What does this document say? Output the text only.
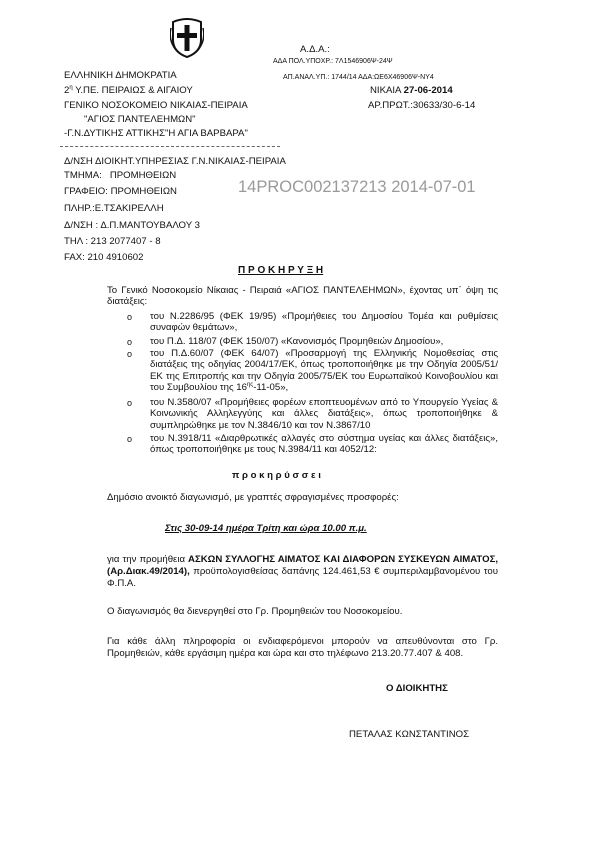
Α.Δ.Α.:
ΑΔΑ ΠΟΛ.ΥΠΟΧΡ.: 7Λ1546906Ψ-24Ψ
ΕΛΛΗΝΙΚΗ ΔΗΜΟΚΡΑΤΙΑ	ΑΠ.ΑΝΑΛ.ΥΠ.: 1744/14 ΑΔΑ:ΩΕ6Χ46906Ψ-ΝΥ4
$2^\eta$ Υ.ΠΕ. ΠΕΙΡΑΙΩΣ & ΑΙΓΑΙΟΥ	ΝΙΚΑΙΑ 27-06-2014
ΓΕΝΙΚΟ ΝΟΣΟΚΟΜΕΙΟ ΝΙΚΑΙΑΣ-ΠΕΙΡΑΙΑ	ΑΡ.ΠΡΩΤ.:30633/30-6-14
"ΑΓΙΟΣ ΠΑΝΤΕΛΕΗΜΩΝ"
-Γ.Ν.ΔΥΤΙΚΗΣ ΑΤΤΙΚΗΣ"Η ΑΓΙΑ ΒΑΡΒΑΡΑ"
Δ/ΝΣΗ ΔΙΟΙΚΗΤ.ΥΠΗΡΕΣΙΑΣ Γ.Ν.ΝΙΚΑΙΑΣ-ΠΕΙΡΑΙΑ
ΤΜΗΜΑ: ΠΡΟΜΗΘΕΙΩΝ
ΓΡΑΦΕΙΟ: ΠΡΟΜΗΘΕΙΩΝ	14PROC002137213 2014-07-01
ΠΛΗΡ.:Ε.ΤΣΑΚΙΡΕΛΛΗ
Δ/ΝΣΗ : Δ.Π.ΜΑΝΤΟΥΒΑΛΟΥ 3
ΤΗΛ : 213 2077407 - 8
FAX: 210 4910602
Π Ρ Ο Κ Η Ρ Υ Ξ Η
Το Γενικό Νοσοκομείο Νίκαιας - Πειραιά «ΑΓΙΟΣ ΠΑΝΤΕΛΕΗΜΩΝ», έχοντας υπ΄ όψη τις διατάξεις:
o του Ν.2286/95 (ΦΕΚ 19/95) «Προμήθειες του Δημοσίου Τομέα και ρυθμίσεις συναφών θεμάτων»,
o του Π.Δ. 118/07 (ΦΕΚ 150/07) «Κανονισμός Προμηθειών Δημοσίου»,
o του Π.Δ.60/07 (ΦΕΚ 64/07) «Προσαρμογή της Ελληνικής Νομοθεσίας στις διατάξεις της οδηγίας 2004/17/ΕΚ, όπως τροποποιήθηκε με την Οδηγία 2005/51/ΕΚ της Επιτροπής και την Οδηγία 2005/75/ΕΚ του Ευρωπαϊκού Κοινοβουλίου και του Συμβουλίου της $16^{\eta\varsigma}-11-05$»,
o του Ν.3580/07 «Προμήθειες φορέων εποπτευομένων από το Υπουργείο Υγείας & Κοινωνικής Αλληλεγγύης και άλλες διατάξεις», όπως τροποποιήθηκε & συμπληρώθηκε με τον Ν.3846/10 και τον Ν.3867/10
o του Ν.3918/11 «Διαρθρωτικές αλλαγές στο σύστημα υγείας και άλλες διατάξεις», όπως τροποποιήθηκε με τους Ν.3984/11 και 4052/12:
π ρ ο κ η ρ ύ σ σ ε ι
Δημόσιο ανοικτό διαγωνισμό, με γραπτές σφραγισμένες προσφορές:
Στις 30-09-14 ημέρα Τρίτη και ώρα 10.00 π.μ.
για την προμήθεια ΑΣΚΩΝ ΣΥΛΛΟΓΗΣ ΑΙΜΑΤΟΣ ΚΑΙ ΔΙΑΦΟΡΩΝ ΣΥΣΚΕΥΩΝ ΑΙΜΑΤΟΣ, (Αρ.Διακ.49/2014), προϋπολογισθείσας δαπάνης 124.461,53 € συμπεριλαμβανομένου του Φ.Π.Α.
Ο διαγωνισμός θα διενεργηθεί στο Γρ. Προμηθειών του Νοσοκομείου.
Για κάθε άλλη πληροφορία οι ενδιαφερόμενοι μπορούν να απευθύνονται στο Γρ. Προμηθειών, κάθε εργάσιμη ημέρα και ώρα και στο τηλέφωνο 213.20.77.407 & 408.
Ο ΔΙΟΙΚΗΤΗΣ
ΠΕΤΑΛΑΣ ΚΩΝΣΤΑΝΤΙΝΟΣ
